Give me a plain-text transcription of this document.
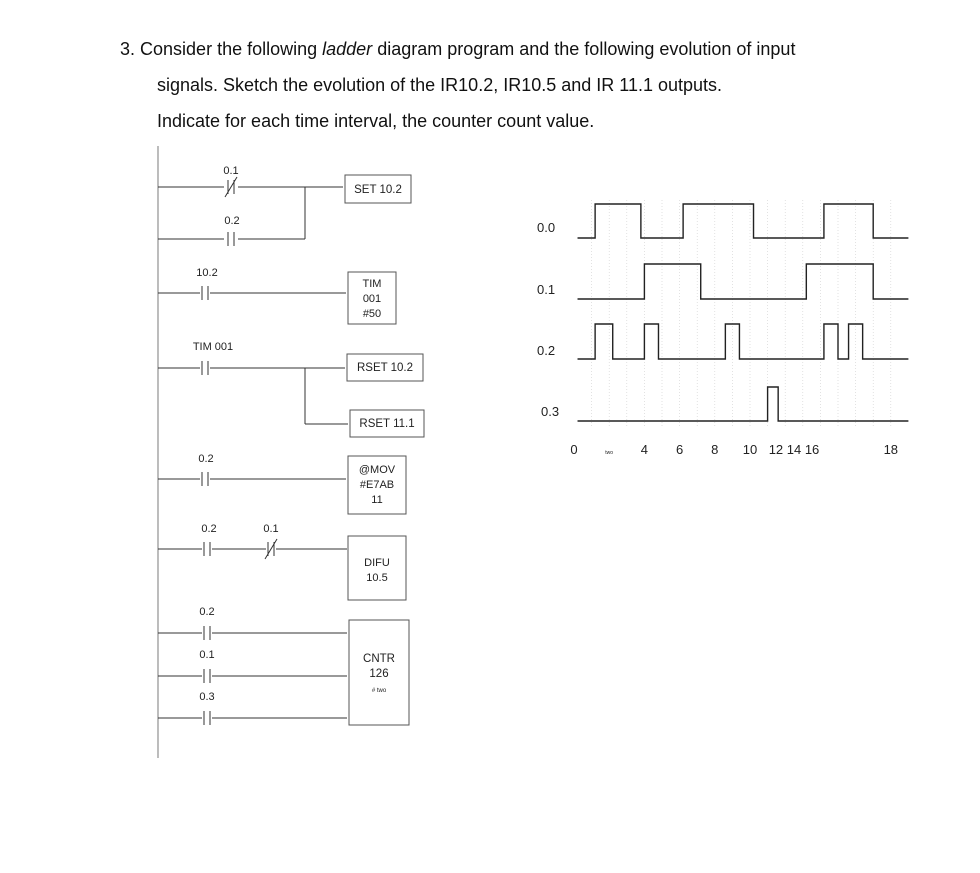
3. Consider the following ladder diagram program and the following evolution of input
signals. Sketch the evolution of the IR10.2, IR10.5 and IR 11.1 outputs.
Indicate for each time interval, the counter count value.
0.1
0.2
SET 10.2
10.2
TIM
001
#50
TIM 001
RSET 10.2
RSET 11.1
0.2
@MOV
#E7AB
11
0.2	0.1
DIFU
10.5
0.2
0.1
0.3
CNTR
126
# two
0.0
0.1
0.2
0.3
0	two 4 6 8 10 12 14 16	18
